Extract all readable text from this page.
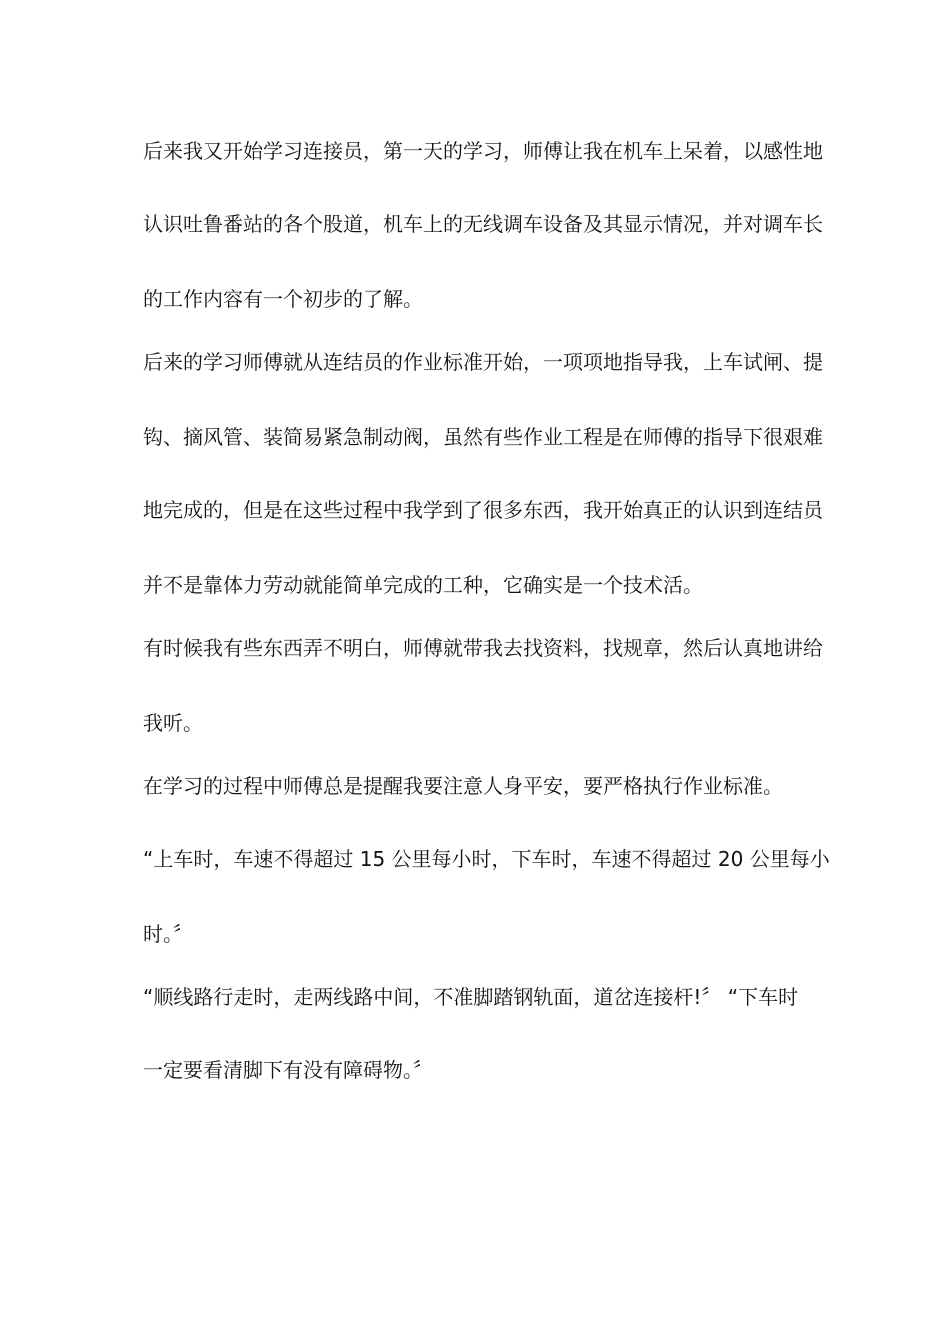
后来我又开始学习连接员，第一天的学习，师傅让我在机车上呆着，以感性地
认识吐鲁番站的各个股道，机车上的无线调车设备及其显示情况，并对调车长
的工作内容有一个初步的了解。
后来的学习师傅就从连结员的作业标准开始，一项项地指导我，上车试闸、提
钩、摘风管、装简易紧急制动阀，虽然有些作业工程是在师傅的指导下很艰难
地完成的，但是在这些过程中我学到了很多东西，我开始真正的认识到连结员
并不是靠体力劳动就能简单完成的工种，它确实是一个技术活。
有时候我有些东西弄不明白，师傅就带我去找资料，找规章，然后认真地讲给
我听。
在学习的过程中师傅总是提醒我要注意人身平安，要严格执行作业标准。
“上车时，车速不得超过 15 公里每小时，下车时，车速不得超过 20 公里每小
时。〞
“顺线路行走时，走两线路中间，不准脚踏钢轨面，道岔连接杆!〞 “下车时
一定要看清脚下有没有障碍物。〞
